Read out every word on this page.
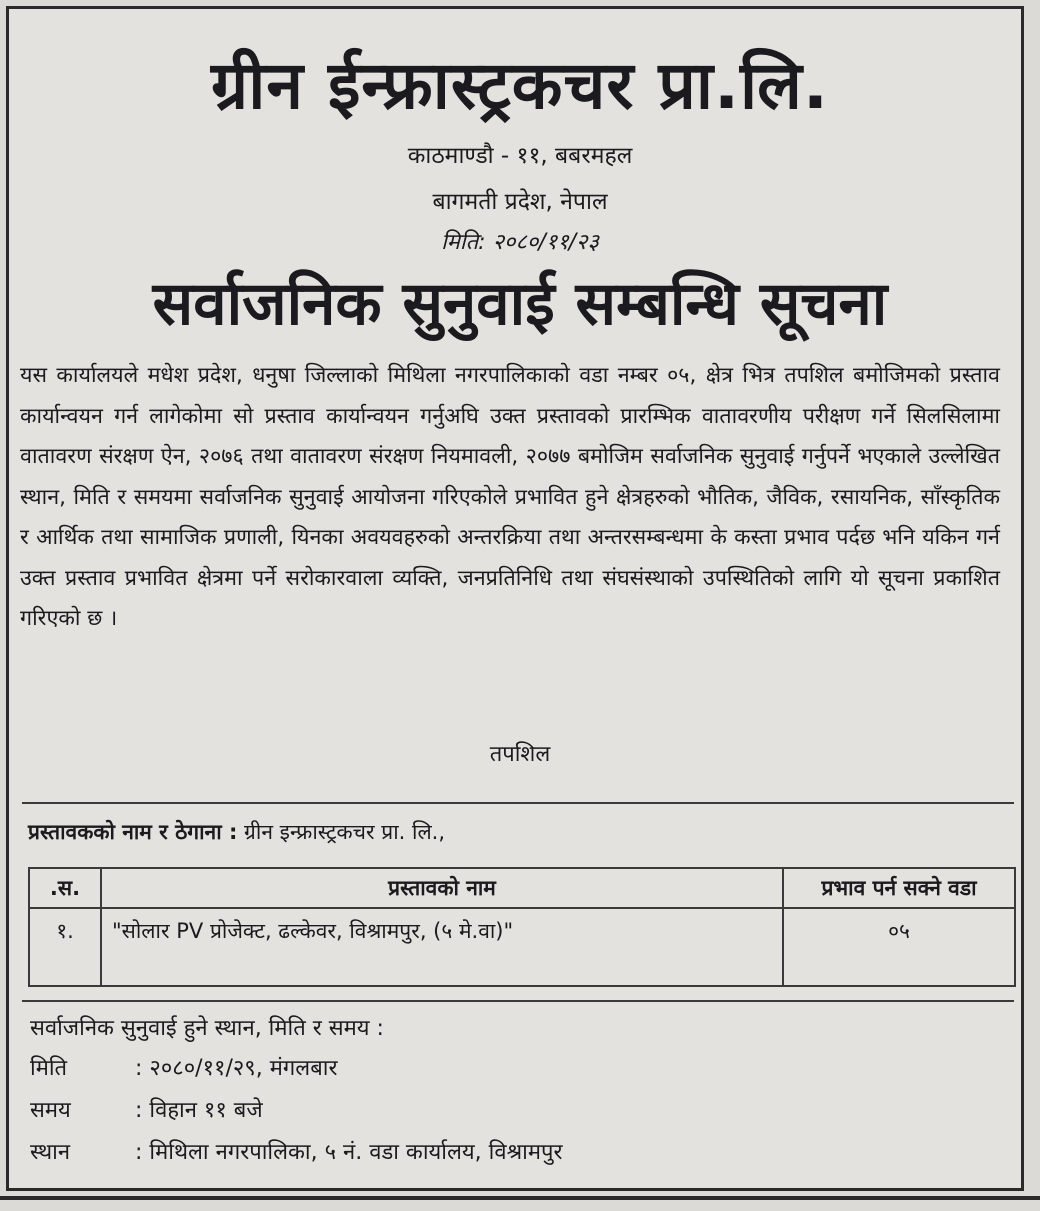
ग्रीन ईन्फ्रास्ट्रकचर प्रा.लि.
काठमाण्डौ - ११, बबरमहल
बागमती प्रदेश, नेपाल
मिति: २०८०/११/२३
सर्वाजनिक सुनुवाई सम्बन्धि सूचना
यस कार्यालयले मधेश प्रदेश, धनुषा जिल्लाको मिथिला नगरपालिकाको वडा नम्बर ०५, क्षेत्र भित्र तपशिल बमोजिमको प्रस्ताव कार्यान्वयन गर्न लागेकोमा सो प्रस्ताव कार्यान्वयन गर्नुअघि उक्त प्रस्तावको प्रारम्भिक वातावरणीय परीक्षण गर्ने सिलसिलामा वातावरण संरक्षण ऐन, २०७६ तथा वातावरण संरक्षण नियमावली, २०७७ बमोजिम सर्वाजनिक सुनुवाई गर्नुपर्ने भएकाले उल्लेखित स्थान, मिति र समयमा सर्वाजनिक सुनुवाई आयोजना गरिएकोले प्रभावित हुने क्षेत्रहरुको भौतिक, जैविक, रसायनिक, साँस्कृतिक र आर्थिक तथा सामाजिक प्रणाली, यिनका अवयवहरुको अन्तरक्रिया तथा अन्तरसम्बन्धमा के कस्ता प्रभाव पर्दछ भनि यकिन गर्न उक्त प्रस्ताव प्रभावित क्षेत्रमा पर्ने सरोकारवाला व्यक्ति, जनप्रतिनिधि तथा संघसंस्थाको उपस्थितिको लागि यो सूचना प्रकाशित गरिएको छ ।
तपशिल
प्रस्तावकको नाम र ठेगाना : ग्रीन इन्फ्रास्ट्रकचर प्रा. लि.,
.स.	प्रस्तावको नाम	प्रभाव पर्न सक्ने वडा
१.	"सोलार PV प्रोजेक्ट, ढल्केवर, विश्रामपुर, (५ मे.वा)"	०५
सर्वाजनिक सुनुवाई हुने स्थान, मिति र समय :
मिति	: २०८०/११/२९, मंगलबार
समय	: विहान ११ बजे
स्थान	: मिथिला नगरपालिका, ५ नं. वडा कार्यालय, विश्रामपुर
